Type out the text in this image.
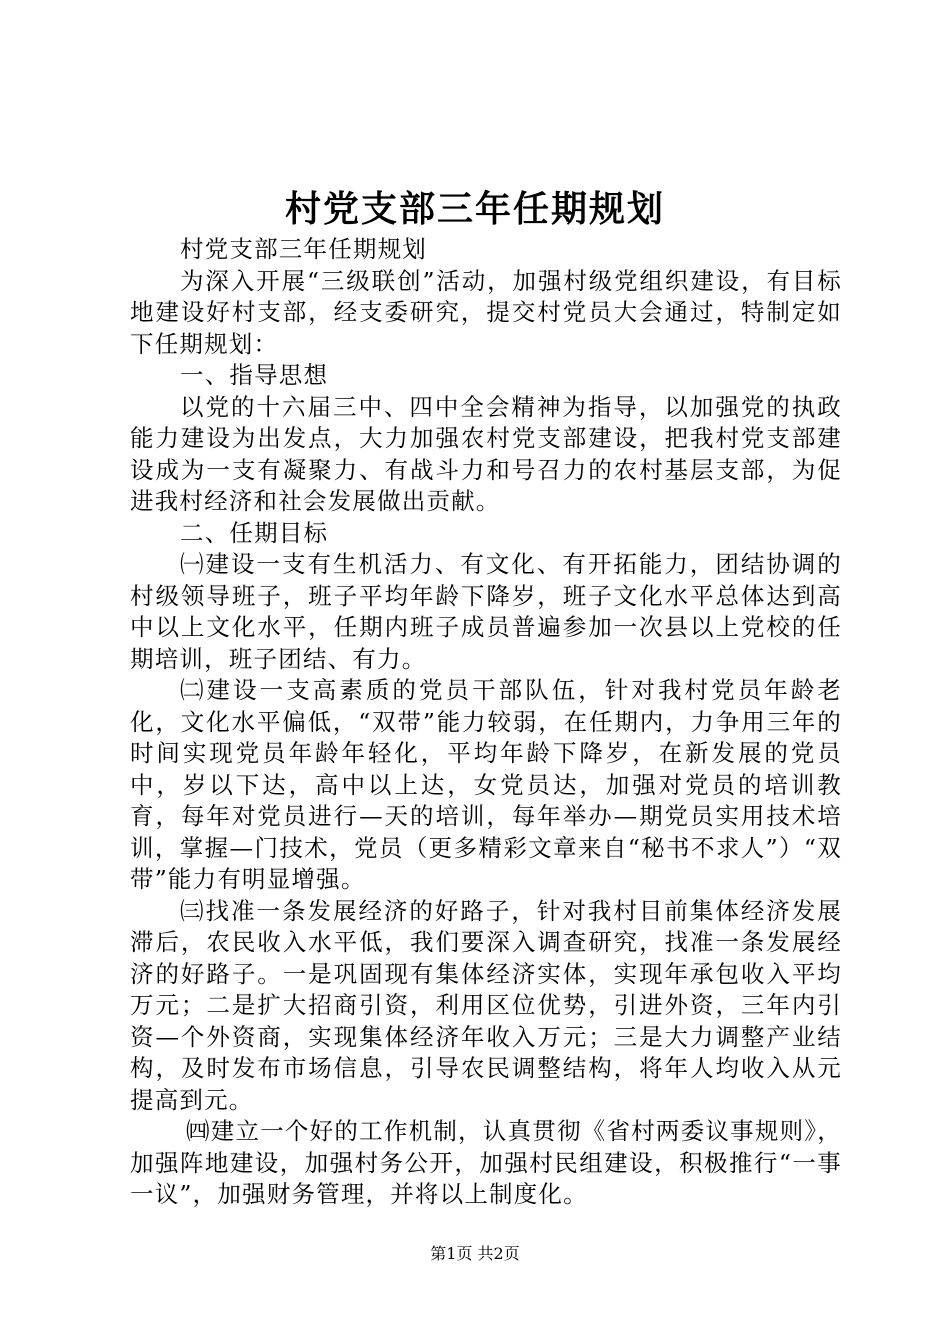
村党支部三年任期规划

村党支部三年任期规划

为深入开展“三级联创”活动，加强村级党组织建设，有目标地建设好村支部，经支委研究，提交村党员大会通过，特制定如下任期规划：

一、指导思想

以党的十六届三中、四中全会精神为指导，以加强党的执政能力建设为出发点，大力加强农村党支部建设，把我村党支部建设成为一支有凝聚力、有战斗力和号召力的农村基层支部，为促进我村经济和社会发展做出贡献。

二、任期目标

㈠建设一支有生机活力、有文化、有开拓能力，团结协调的村级领导班子，班子平均年龄下降岁，班子文化水平总体达到高中以上文化水平，任期内班子成员普遍参加一次县以上党校的任期培训，班子团结、有力。

㈡建设一支高素质的党员干部队伍，针对我村党员年龄老化，文化水平偏低，“双带”能力较弱，在任期内，力争用三年的时间实现党员年龄年轻化，平均年龄下降岁，在新发展的党员中，岁以下达，高中以上达，女党员达，加强对党员的培训教育，每年对党员进行—天的培训，每年举办—期党员实用技术培训，掌握—门技术，党员（更多精彩文章来自“秘书不求人”）“双带”能力有明显增强。

㈢找准一条发展经济的好路子，针对我村目前集体经济发展滞后，农民收入水平低，我们要深入调查研究，找准一条发展经济的好路子。一是巩固现有集体经济实体，实现年承包收入平均万元；二是扩大招商引资，利用区位优势，引进外资，三年内引资—个外资商，实现集体经济年收入万元；三是大力调整产业结构，及时发布市场信息，引导农民调整结构，将年人均收入从元提高到元。

㈣建立一个好的工作机制，认真贯彻《省村两委议事规则》，加强阵地建设，加强村务公开，加强村民组建设，积极推行“一事一议”，加强财务管理，并将以上制度化。

第1页 共2页
